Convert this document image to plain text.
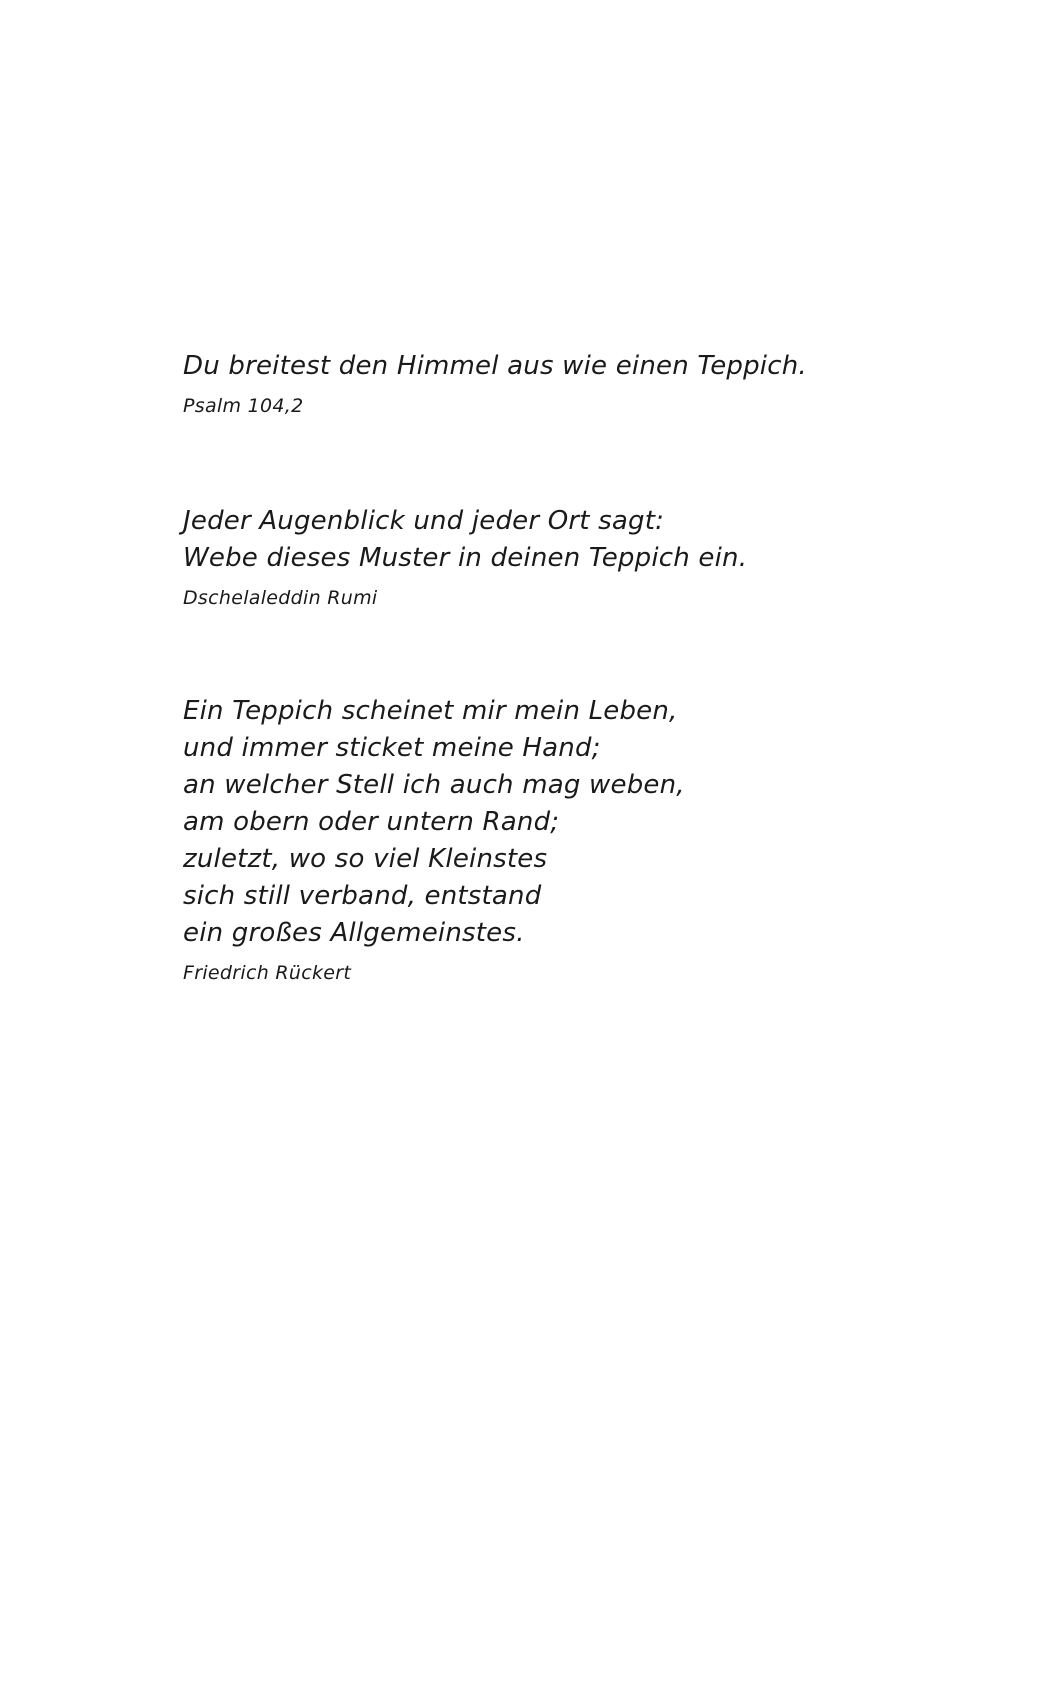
Du breitest den Himmel aus wie einen Teppich.
Psalm 104,2
Jeder Augenblick und jeder Ort sagt:
Webe dieses Muster in deinen Teppich ein.
Dschelaleddin Rumi
Ein Teppich scheinet mir mein Leben,
und immer sticket meine Hand;
an welcher Stell ich auch mag weben,
am obern oder untern Rand;
zuletzt, wo so viel Kleinstes
sich still verband, entstand
ein großes Allgemeinstes.
Friedrich Rückert
